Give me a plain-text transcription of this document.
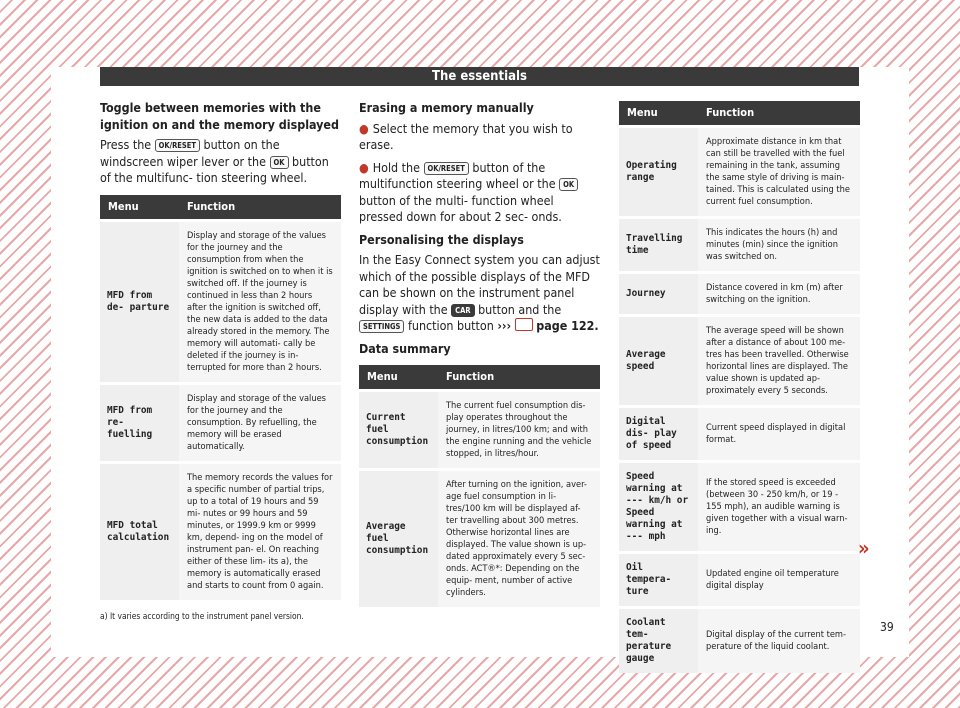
The essentials

Toggle between memories with the ignition on and the memory displayed

Press the OK/RESET button on the windscreen wiper lever or the OK button of the multifunc- tion steering wheel.

Menu	Function
MFD from de- parture	Display and storage of the values for the journey and the consumption from when the ignition is switched on to when it is switched off. If the journey is continued in less than 2 hours after the ignition is switched off, the new data is added to the data already stored in the memory. The memory will automati- cally be deleted if the journey is in- terrupted for more than 2 hours.
MFD from re- fuelling	Display and storage of the values for the journey and the consumption. By refuelling, the memory will be erased automatically.
MFD total calculation	The memory records the values for a specific number of partial trips, up to a total of 19 hours and 59 mi- nutes or 99 hours and 59 minutes, or 1999.9 km or 9999 km, depend- ing on the model of instrument pan- el. On reaching either of these lim- its a), the memory is automatically erased and starts to count from 0 again.
a) It varies according to the instrument panel version.

Erasing a memory manually

● Select the memory that you wish to erase.

● Hold the OK/RESET button of the multifunction steering wheel or the OK button of the multi- function wheel pressed down for about 2 sec- onds.

Personalising the displays

In the Easy Connect system you can adjust which of the possible displays of the MFD can be shown on the instrument panel display with the CAR button and the SETTINGS function button ››› page 122.

Data summary

Menu	Function
Current fuel consumption	The current fuel consumption dis- play operates throughout the journey, in litres/100 km; and with the engine running and the vehicle stopped, in litres/hour.
Average fuel consumption	After turning on the ignition, aver- age fuel consumption in li- tres/100 km will be displayed af- ter travelling about 300 metres. Otherwise horizontal lines are displayed. The value shown is up- dated approximately every 5 sec- onds. ACT®*: Depending on the equip- ment, number of active cylinders.
Menu	Function
Operating range	Approximate distance in km that can still be travelled with the fuel remaining in the tank, assuming the same style of driving is main- tained. This is calculated using the current fuel consumption.
Travelling time	This indicates the hours (h) and minutes (min) since the ignition was switched on.
Journey	Distance covered in km (m) after switching on the ignition.
Average speed	The average speed will be shown after a distance of about 100 me- tres has been travelled. Otherwise horizontal lines are displayed. The value shown is updated ap- proximately every 5 seconds.
Digital dis- play of speed	Current speed displayed in digital format.
Speed warning at --- km/h or Speed warning at --- mph	If the stored speed is exceeded (between 30 - 250 km/h, or 19 - 155 mph), an audible warning is given together with a visual warn- ing.
Oil tempera- ture	Updated engine oil temperature digital display
Coolant tem- perature gauge	Digital display of the current tem- perature of the liquid coolant.
»
39
